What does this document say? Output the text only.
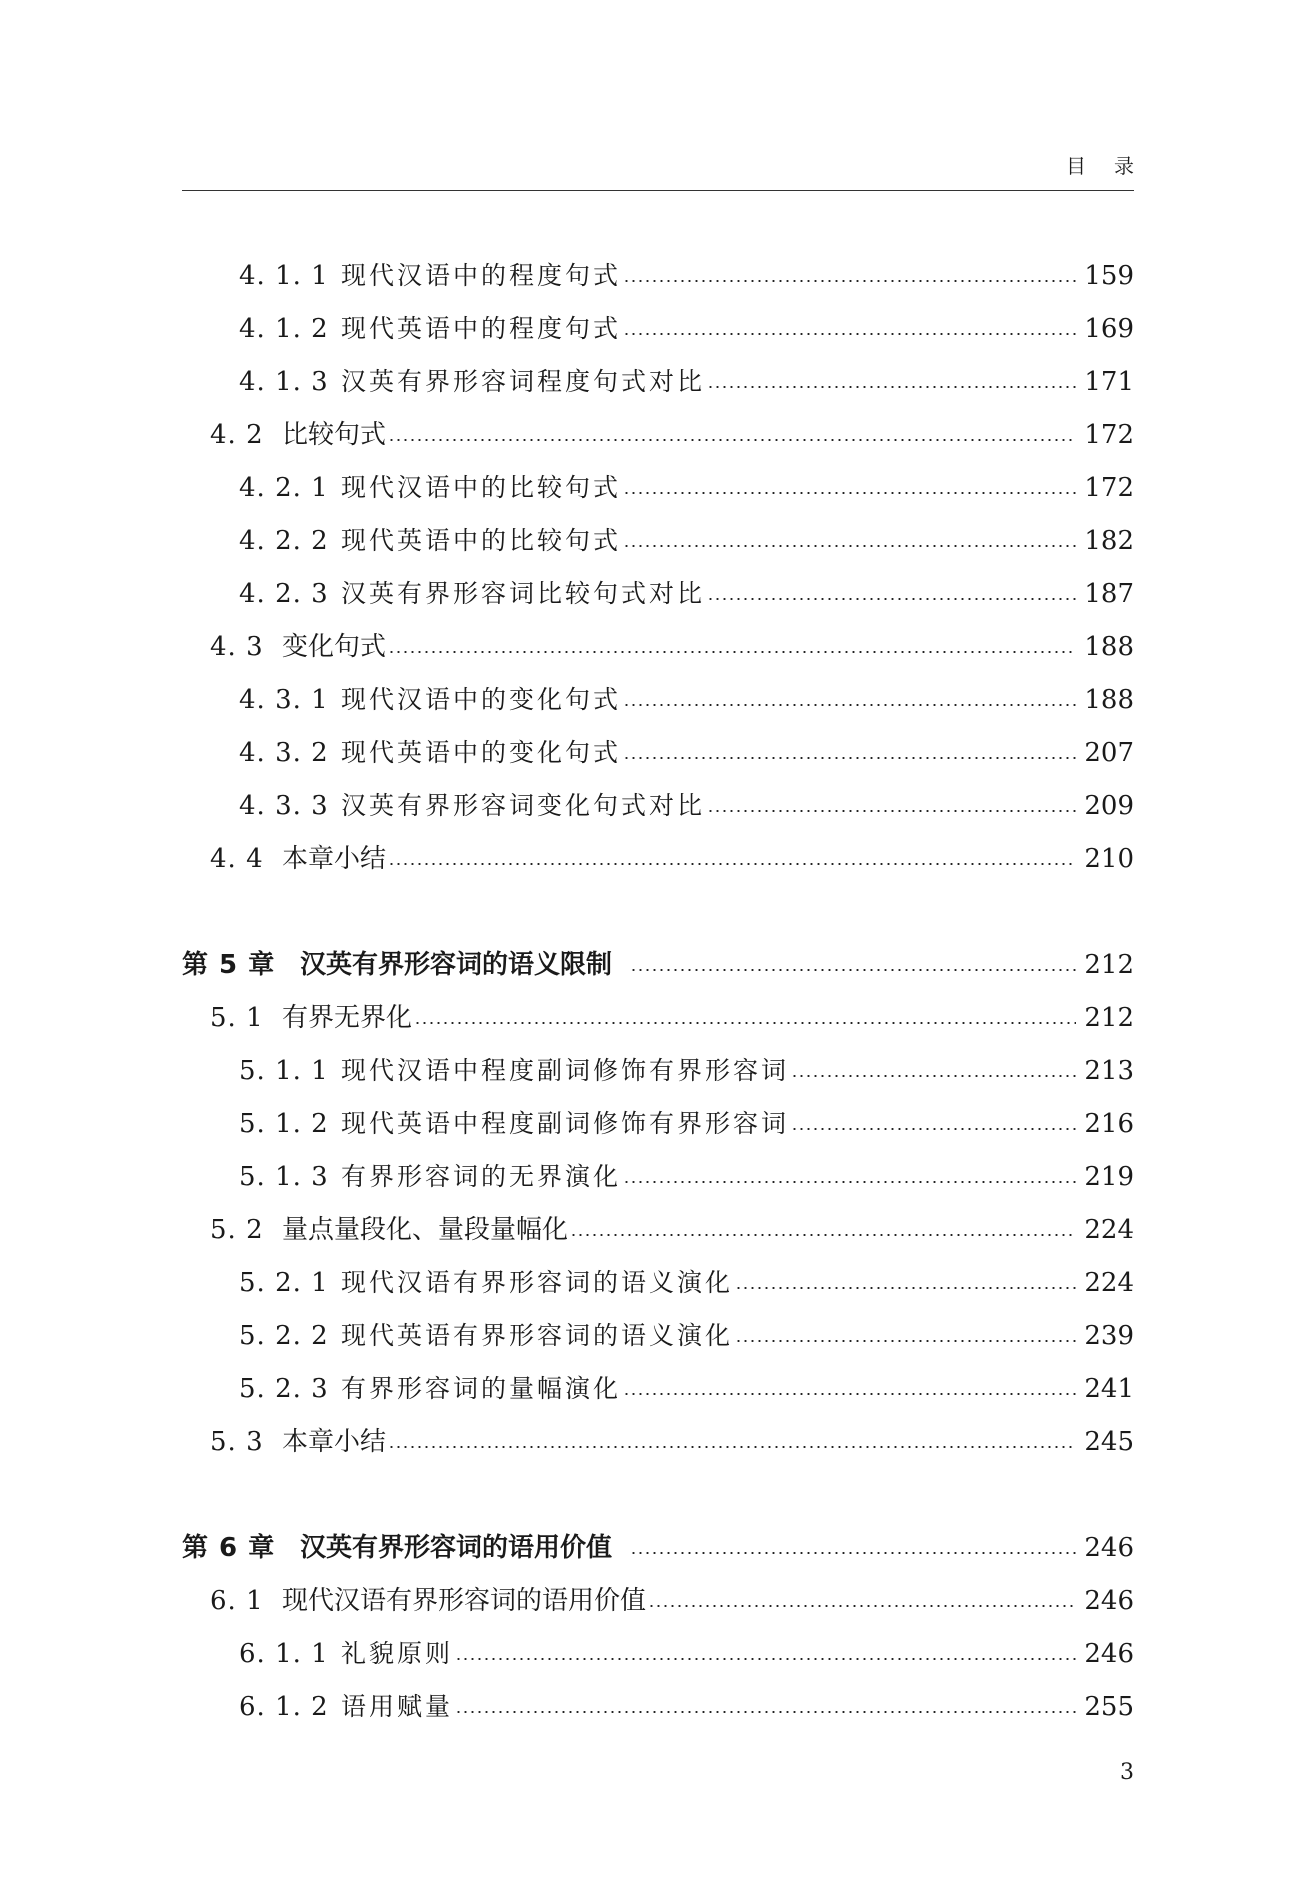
目录
4. 1. 1 现代汉语中的程度句式	159
4. 1. 2 现代英语中的程度句式	169
4. 1. 3 汉英有界形容词程度句式对比	171
4. 2 比较句式	172
4. 2. 1 现代汉语中的比较句式	172
4. 2. 2 现代英语中的比较句式	182
4. 2. 3 汉英有界形容词比较句式对比	187
4. 3 变化句式	188
4. 3. 1 现代汉语中的变化句式	188
4. 3. 2 现代英语中的变化句式	207
4. 3. 3 汉英有界形容词变化句式对比	209
4. 4 本章小结	210
第 5 章 汉英有界形容词的语义限制	212
5. 1 有界无界化	212
5. 1. 1 现代汉语中程度副词修饰有界形容词	213
5. 1. 2 现代英语中程度副词修饰有界形容词	216
5. 1. 3 有界形容词的无界演化	219
5. 2 量点量段化、量段量幅化	224
5. 2. 1 现代汉语有界形容词的语义演化	224
5. 2. 2 现代英语有界形容词的语义演化	239
5. 2. 3 有界形容词的量幅演化	241
5. 3 本章小结	245
第 6 章 汉英有界形容词的语用价值	246
6. 1 现代汉语有界形容词的语用价值	246
6. 1. 1 礼貌原则	246
6. 1. 2 语用赋量	255
3
